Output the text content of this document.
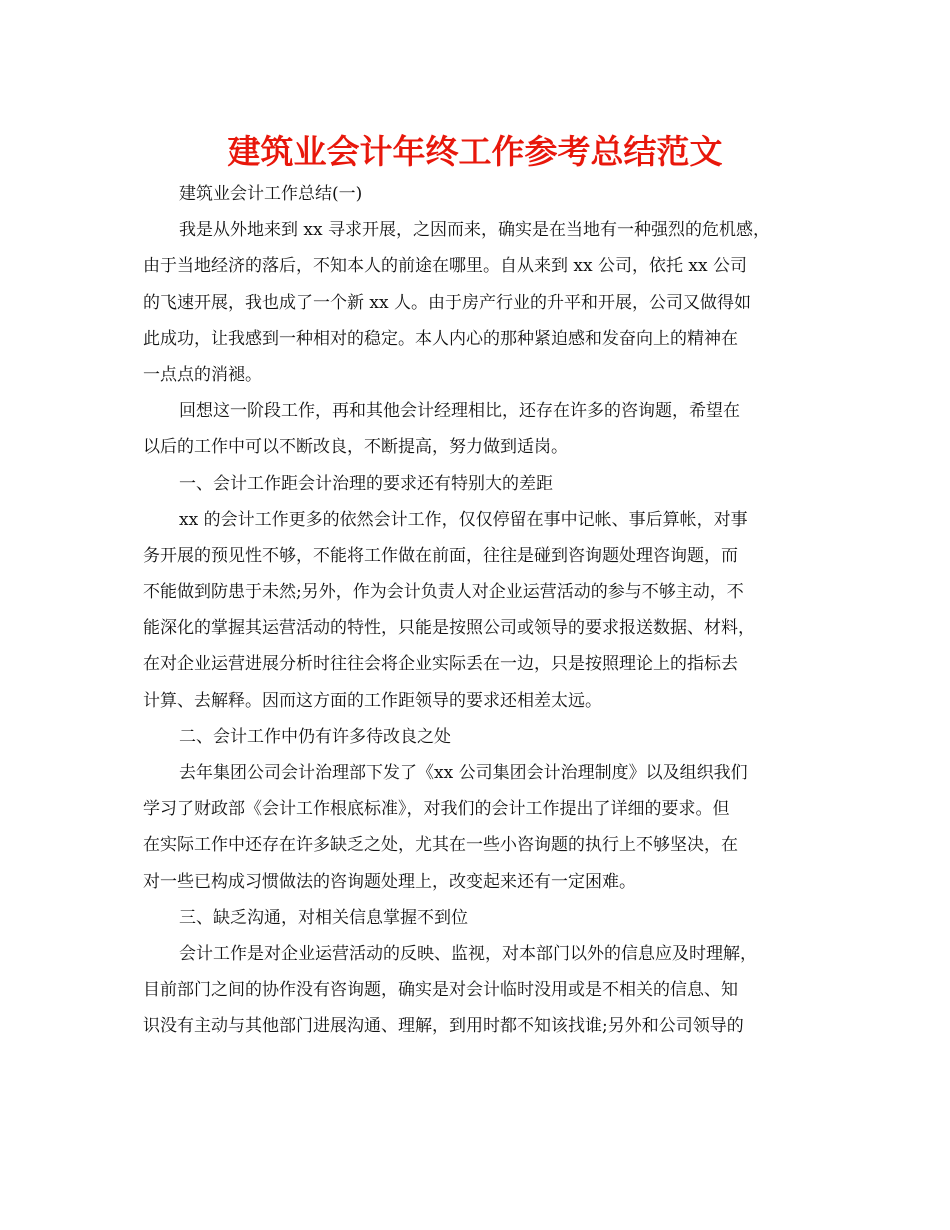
建筑业会计年终工作参考总结范文
建筑业会计工作总结(一)
我是从外地来到 xx 寻求开展，之因而来，确实是在当地有一种强烈的危机感，
由于当地经济的落后，不知本人的前途在哪里。自从来到 xx 公司，依托 xx 公司
的飞速开展，我也成了一个新 xx 人。由于房产行业的升平和开展，公司又做得如
此成功，让我感到一种相对的稳定。本人内心的那种紧迫感和发奋向上的精神在
一点点的消褪。
回想这一阶段工作，再和其他会计经理相比，还存在许多的咨询题，希望在
以后的工作中可以不断改良，不断提高，努力做到适岗。
一、会计工作距会计治理的要求还有特别大的差距
xx 的会计工作更多的依然会计工作，仅仅停留在事中记帐、事后算帐，对事
务开展的预见性不够，不能将工作做在前面，往往是碰到咨询题处理咨询题，而
不能做到防患于未然;另外，作为会计负责人对企业运营活动的参与不够主动，不
能深化的掌握其运营活动的特性，只能是按照公司或领导的要求报送数据、材料，
在对企业运营进展分析时往往会将企业实际丢在一边，只是按照理论上的指标去
计算、去解释。因而这方面的工作距领导的要求还相差太远。
二、会计工作中仍有许多待改良之处
去年集团公司会计治理部下发了《xx 公司集团会计治理制度》以及组织我们
学习了财政部《会计工作根底标准》，对我们的会计工作提出了详细的要求。但
在实际工作中还存在许多缺乏之处，尤其在一些小咨询题的执行上不够坚决，在
对一些已构成习惯做法的咨询题处理上，改变起来还有一定困难。
三、缺乏沟通，对相关信息掌握不到位
会计工作是对企业运营活动的反映、监视，对本部门以外的信息应及时理解，
目前部门之间的协作没有咨询题，确实是对会计临时没用或是不相关的信息、知
识没有主动与其他部门进展沟通、理解，到用时都不知该找谁;另外和公司领导的
